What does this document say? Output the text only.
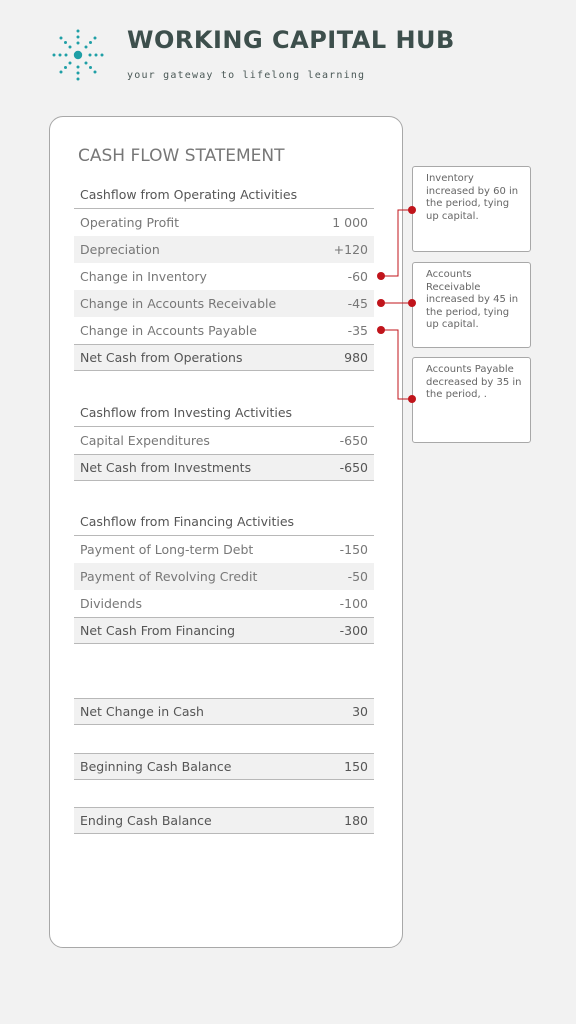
WORKING CAPITAL HUB
your gateway to lifelong learning
CASH FLOW STATEMENT
Cashflow from Operating Activities
Operating Profit	1 000
Depreciation	+120
Change in Inventory	-60
Change in Accounts Receivable	-45
Change in Accounts Payable	-35
Net Cash from Operations	980
Cashflow from Investing Activities
Capital Expenditures	-650
Net Cash from Investments	-650
Cashflow from Financing Activities
Payment of Long-term Debt	-150
Payment of Revolving Credit	-50
Dividends	-100
Net Cash From Financing	-300
Net Change in Cash	30
Beginning Cash Balance	150
Ending Cash Balance	180
Inventory increased by 60 in the period, tying up capital.
Accounts Receivable increased by 45 in the period, tying up capital.
Accounts Payable decreased by 35 in the period, .
